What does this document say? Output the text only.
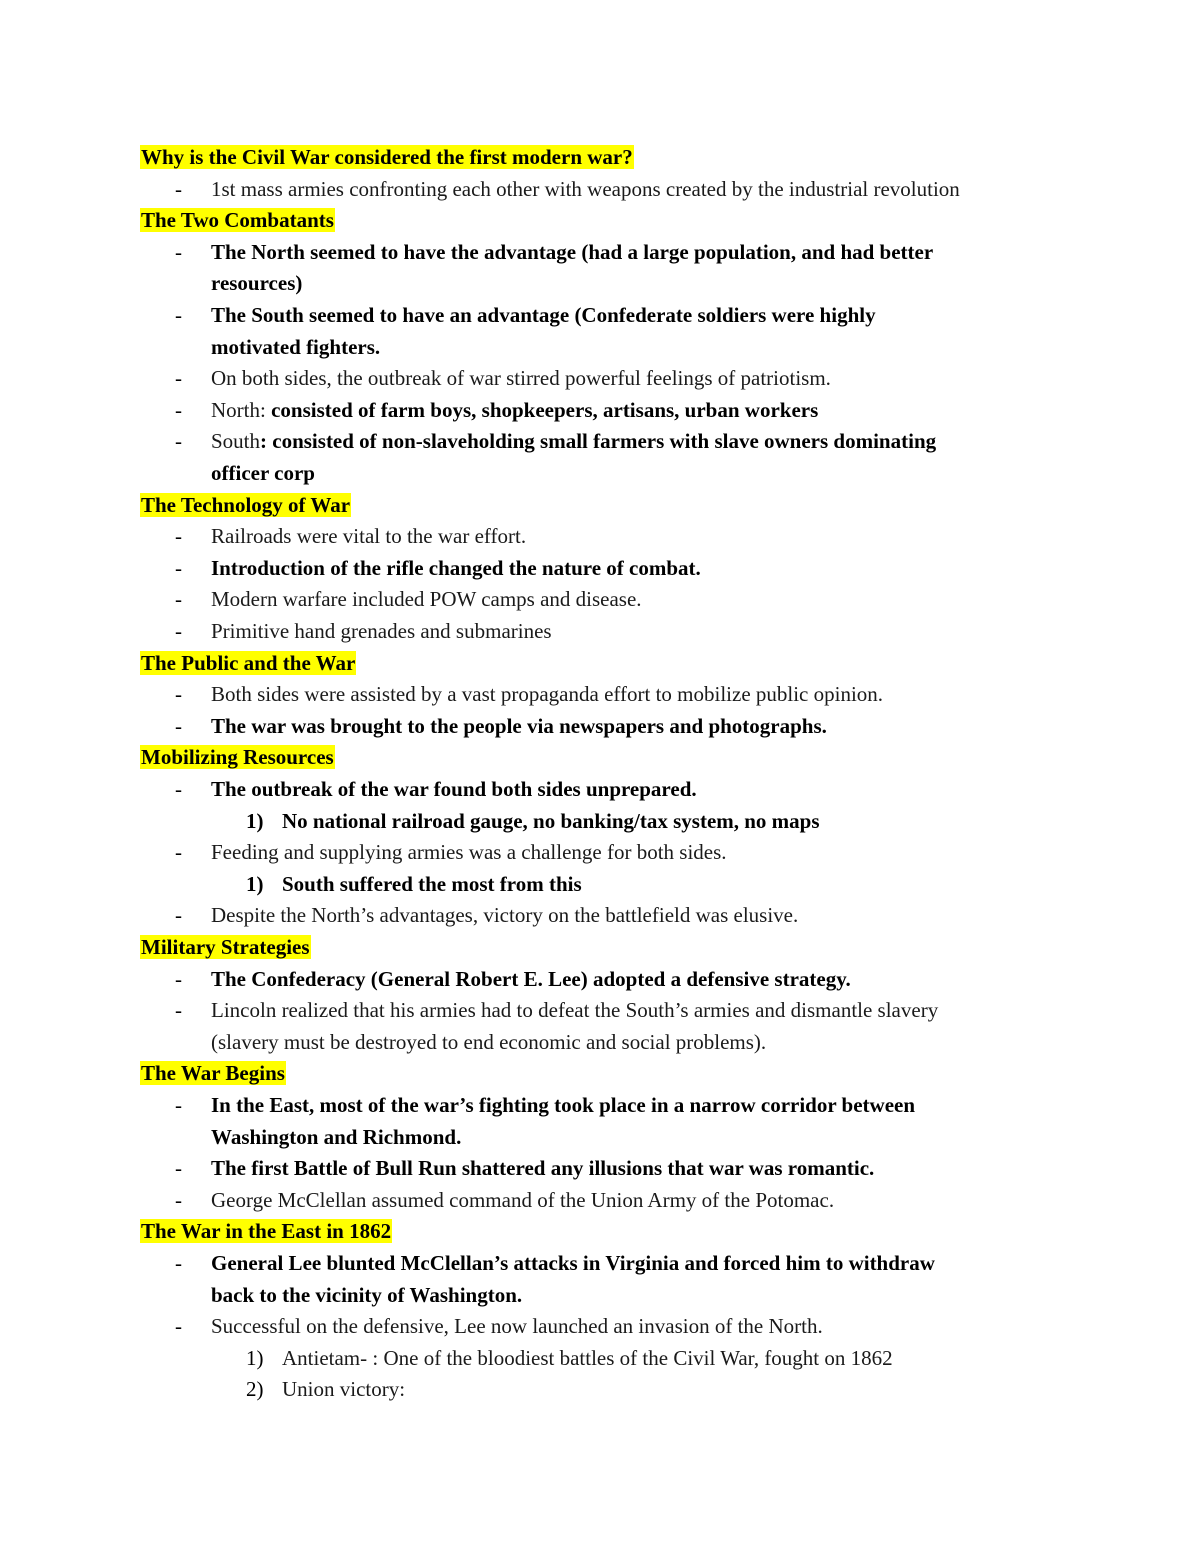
Why is the Civil War considered the first modern war?
- 1st mass armies confronting each other with weapons created by the industrial revolution
The Two Combatants
- The North seemed to have the advantage (had a large population, and had better
resources)
- The South seemed to have an advantage (Confederate soldiers were highly
motivated fighters.
- On both sides, the outbreak of war stirred powerful feelings of patriotism.
- North: consisted of farm boys, shopkeepers, artisans, urban workers
- South: consisted of non-slaveholding small farmers with slave owners dominating
officer corp
The Technology of War
- Railroads were vital to the war effort.
- Introduction of the rifle changed the nature of combat.
- Modern warfare included POW camps and disease.
- Primitive hand grenades and submarines
The Public and the War
- Both sides were assisted by a vast propaganda effort to mobilize public opinion.
- The war was brought to the people via newspapers and photographs.
Mobilizing Resources
- The outbreak of the war found both sides unprepared.
1) No national railroad gauge, no banking/tax system, no maps
- Feeding and supplying armies was a challenge for both sides.
1) South suffered the most from this
- Despite the North’s advantages, victory on the battlefield was elusive.
Military Strategies
- The Confederacy (General Robert E. Lee) adopted a defensive strategy.
- Lincoln realized that his armies had to defeat the South’s armies and dismantle slavery
(slavery must be destroyed to end economic and social problems).
The War Begins
- In the East, most of the war’s fighting took place in a narrow corridor between
Washington and Richmond.
- The first Battle of Bull Run shattered any illusions that war was romantic.
- George McClellan assumed command of the Union Army of the Potomac.
The War in the East in 1862
- General Lee blunted McClellan’s attacks in Virginia and forced him to withdraw
back to the vicinity of Washington.
- Successful on the defensive, Lee now launched an invasion of the North.
1) Antietam- : One of the bloodiest battles of the Civil War, fought on 1862
2) Union victory:
